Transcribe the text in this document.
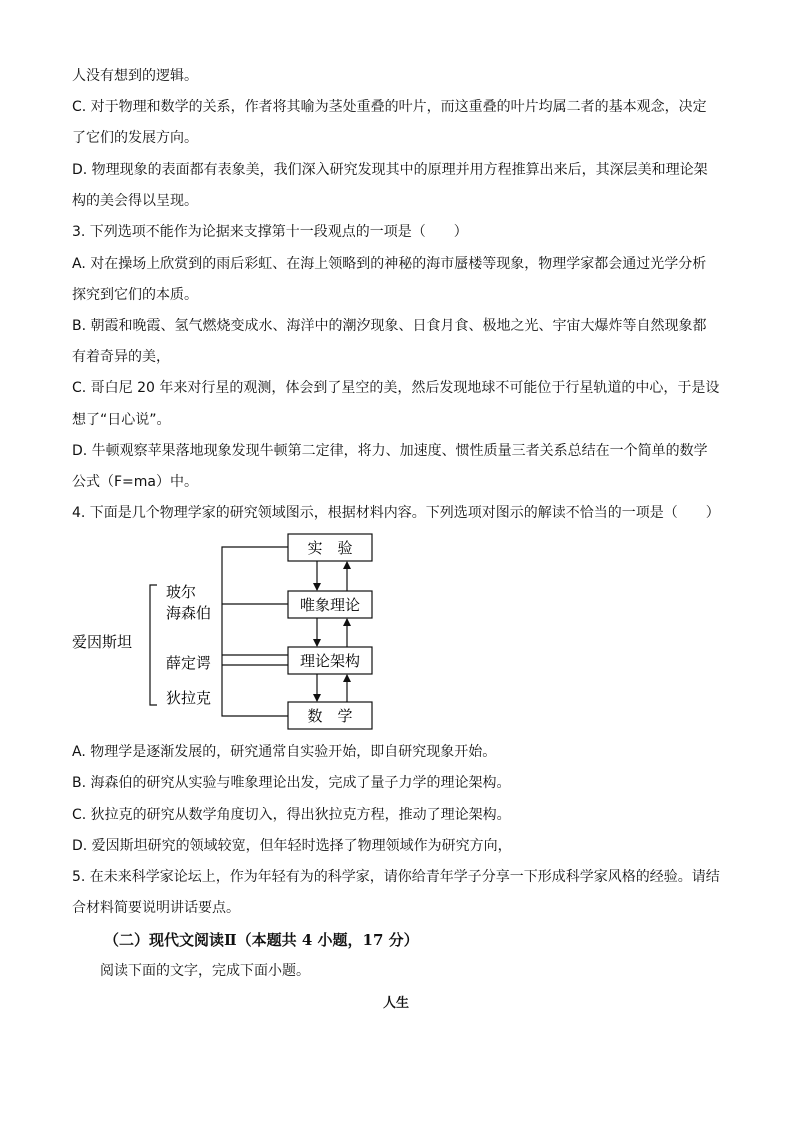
人没有想到的逻辑。
C. 对于物理和数学的关系，作者将其喻为茎处重叠的叶片，而这重叠的叶片均属二者的基本观念，决定
了它们的发展方向。
D. 物理现象的表面都有表象美，我们深入研究发现其中的原理并用方程推算出来后，其深层美和理论架
构的美会得以呈现。
3. 下列选项不能作为论据来支撑第十一段观点的一项是（　　）
A. 对在操场上欣赏到的雨后彩虹、在海上领略到的神秘的海市蜃楼等现象，物理学家都会通过光学分析
探究到它们的本质。
B. 朝霞和晚霞、氢气燃烧变成水、海洋中的潮汐现象、日食月食、极地之光、宇宙大爆炸等自然现象都
有着奇异的美，
C. 哥白尼 20 年来对行星的观测，体会到了星空的美，然后发现地球不可能位于行星轨道的中心，于是设
想了“日心说”。
D. 牛顿观察苹果落地现象发现牛顿第二定律，将力、加速度、惯性质量三者关系总结在一个简单的数学
公式（F=ma）中。
4. 下面是几个物理学家的研究领域图示，根据材料内容。下列选项对图示的解读不恰当的一项是（　　）
实　验
唯象理论
理论架构
数　学
玻尔
海森伯
薛定谔
狄拉克
爱因斯坦
A. 物理学是逐渐发展的，研究通常自实验开始，即自研究现象开始。
B. 海森伯的研究从实验与唯象理论出发，完成了量子力学的理论架构。
C. 狄拉克的研究从数学角度切入，得出狄拉克方程，推动了理论架构。
D. 爱因斯坦研究的领域较宽，但年轻时选择了物理领域作为研究方向，
5. 在未来科学家论坛上，作为年轻有为的科学家，请你给青年学子分享一下形成科学家风格的经验。请结
合材料简要说明讲话要点。
（二）现代文阅读Ⅱ（本题共 4 小题，17 分）
阅读下面的文字，完成下面小题。
人生
